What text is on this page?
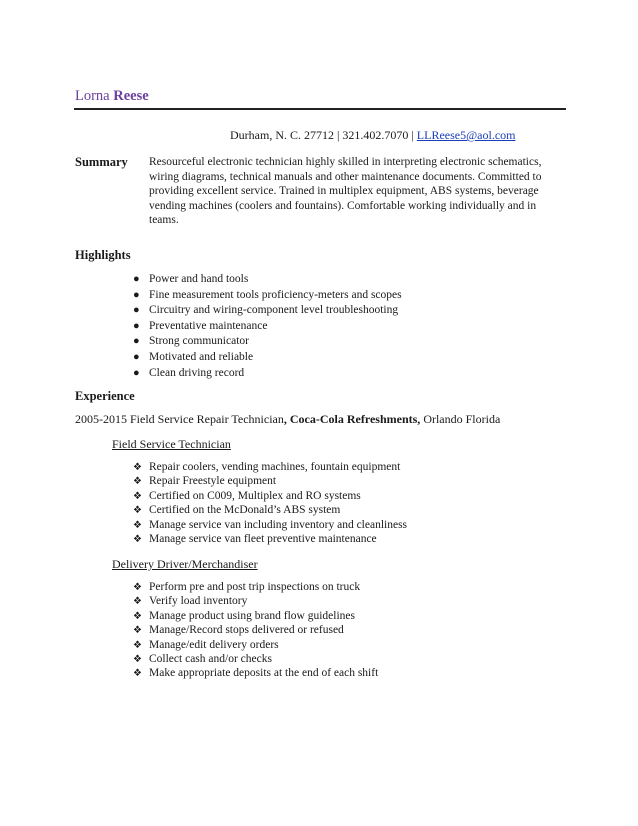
Lorna Reese
Durham, N. C. 27712 | 321.402.7070 | LLReese5@aol.com
Summary Resourceful electronic technician highly skilled in interpreting electronic schematics, wiring diagrams, technical manuals and other maintenance documents. Committed to providing excellent service. Trained in multiplex equipment, ABS systems, beverage vending machines (coolers and fountains). Comfortable working individually and in teams.
Highlights
● Power and hand tools
● Fine measurement tools proficiency-meters and scopes
● Circuitry and wiring-component level troubleshooting
● Preventative maintenance
● Strong communicator
● Motivated and reliable
● Clean driving record
Experience
2005-2015 Field Service Repair Technician, Coca-Cola Refreshments, Orlando Florida
Field Service Technician
❖ Repair coolers, vending machines, fountain equipment
❖ Repair Freestyle equipment
❖ Certified on C009, Multiplex and RO systems
❖ Certified on the McDonald’s ABS system
❖ Manage service van including inventory and cleanliness
❖ Manage service van fleet preventive maintenance
Delivery Driver/Merchandiser
❖ Perform pre and post trip inspections on truck
❖ Verify load inventory
❖ Manage product using brand flow guidelines
❖ Manage/Record stops delivered or refused
❖ Manage/edit delivery orders
❖ Collect cash and/or checks
❖ Make appropriate deposits at the end of each shift
